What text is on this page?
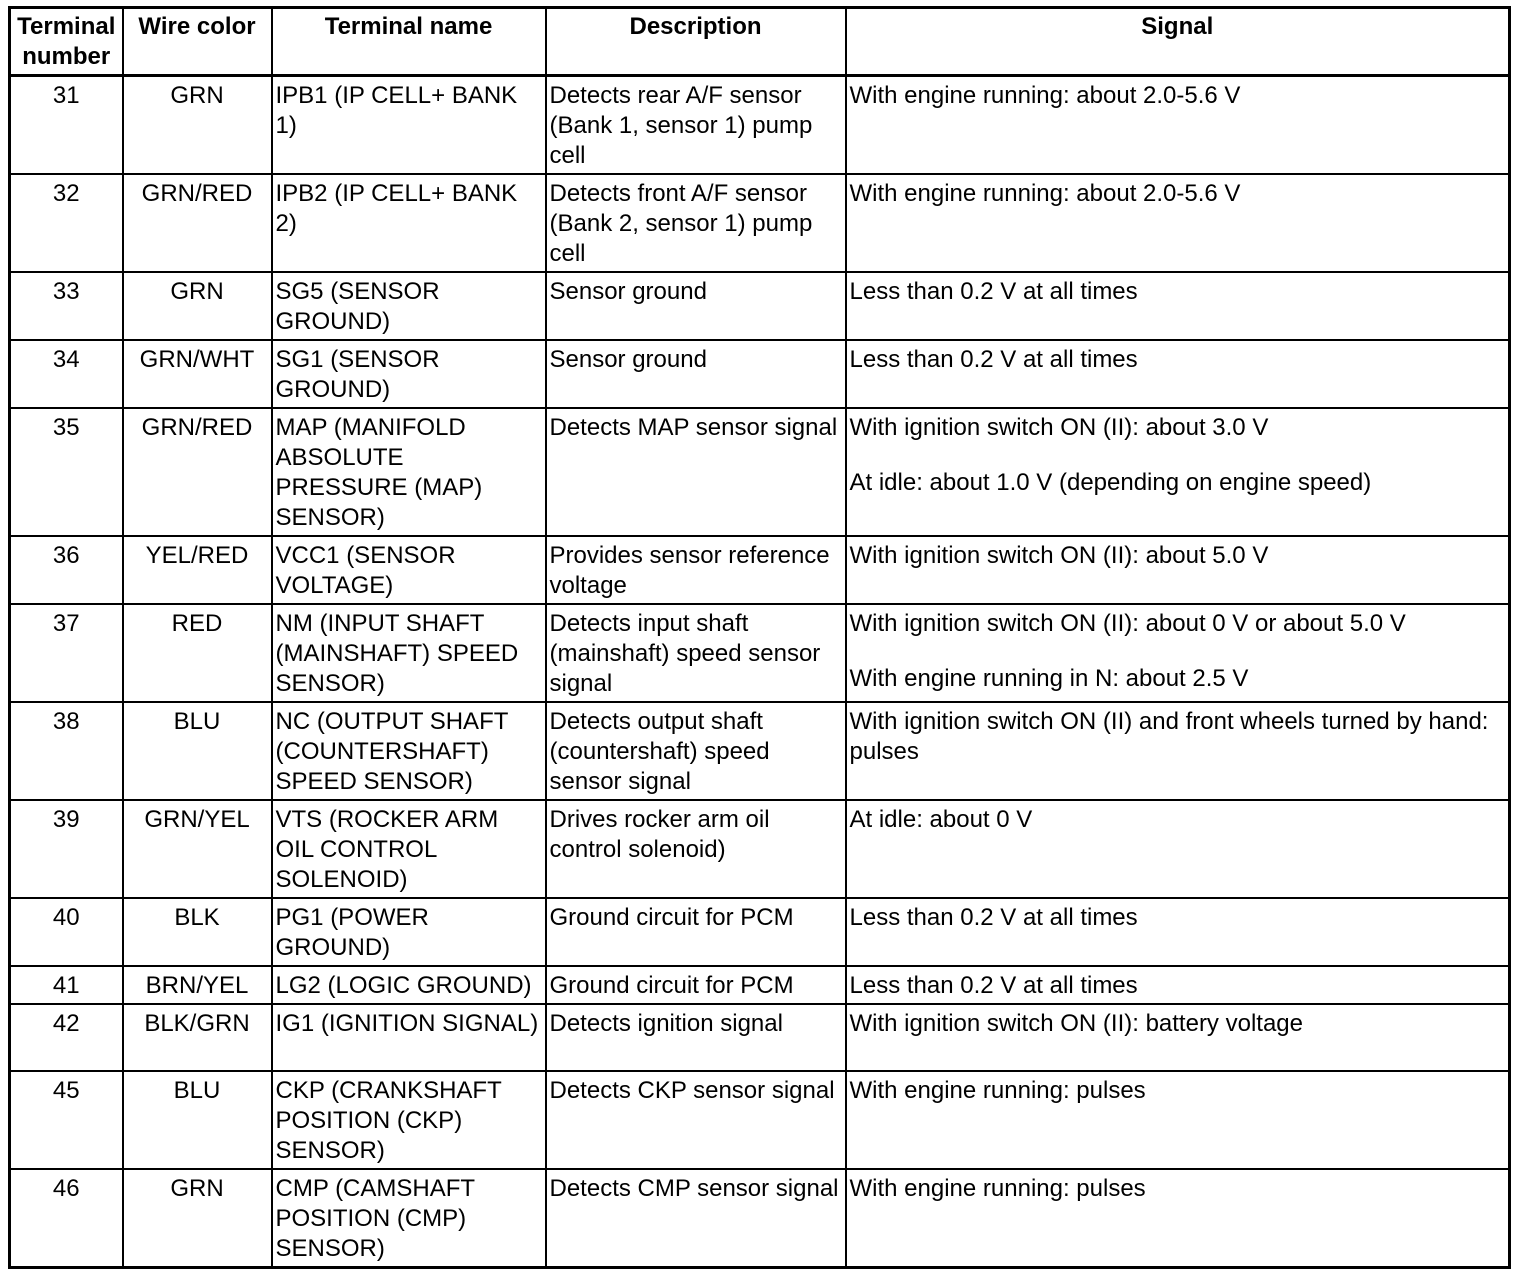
Terminal number	Wire color	Terminal name	Description	Signal
31	GRN	IPB1 (IP CELL+ BANK 1)	Detects rear A/F sensor (Bank 1, sensor 1) pump cell	With engine running: about 2.0-5.6 V

32	GRN/RED	IPB2 (IP CELL+ BANK 2)	Detects front A/F sensor (Bank 2, sensor 1) pump cell	With engine running: about 2.0-5.6 V

33	GRN	SG5 (SENSOR GROUND)	Sensor ground	Less than 0.2 V at all times

34	GRN/WHT	SG1 (SENSOR GROUND)	Sensor ground	Less than 0.2 V at all times

35	GRN/RED	MAP (MANIFOLD ABSOLUTE PRESSURE (MAP) SENSOR)	Detects MAP sensor signal	With ignition switch ON (II): about 3.0 V
At idle: about 1.0 V (depending on engine speed)

36	YEL/RED	VCC1 (SENSOR VOLTAGE)	Provides sensor reference voltage	With ignition switch ON (II): about 5.0 V

37	RED	NM (INPUT SHAFT (MAINSHAFT) SPEED SENSOR)	Detects input shaft (mainshaft) speed sensor signal	With ignition switch ON (II): about 0 V or about 5.0 V
With engine running in N: about 2.5 V

38	BLU	NC (OUTPUT SHAFT (COUNTERSHAFT) SPEED SENSOR)	Detects output shaft (countershaft) speed sensor signal	With ignition switch ON (II) and front wheels turned by hand: pulses

39	GRN/YEL	VTS (ROCKER ARM OIL CONTROL SOLENOID)	Drives rocker arm oil control solenoid)	At idle: about 0 V

40	BLK	PG1 (POWER GROUND)	Ground circuit for PCM	Less than 0.2 V at all times

41	BRN/YEL	LG2 (LOGIC GROUND)	Ground circuit for PCM	Less than 0.2 V at all times

42	BLK/GRN	IG1 (IGNITION SIGNAL)	Detects ignition signal	With ignition switch ON (II): battery voltage

45	BLU	CKP (CRANKSHAFT POSITION (CKP) SENSOR)	Detects CKP sensor signal	With engine running: pulses

46	GRN	CMP (CAMSHAFT POSITION (CMP) SENSOR)	Detects CMP sensor signal	With engine running: pulses
